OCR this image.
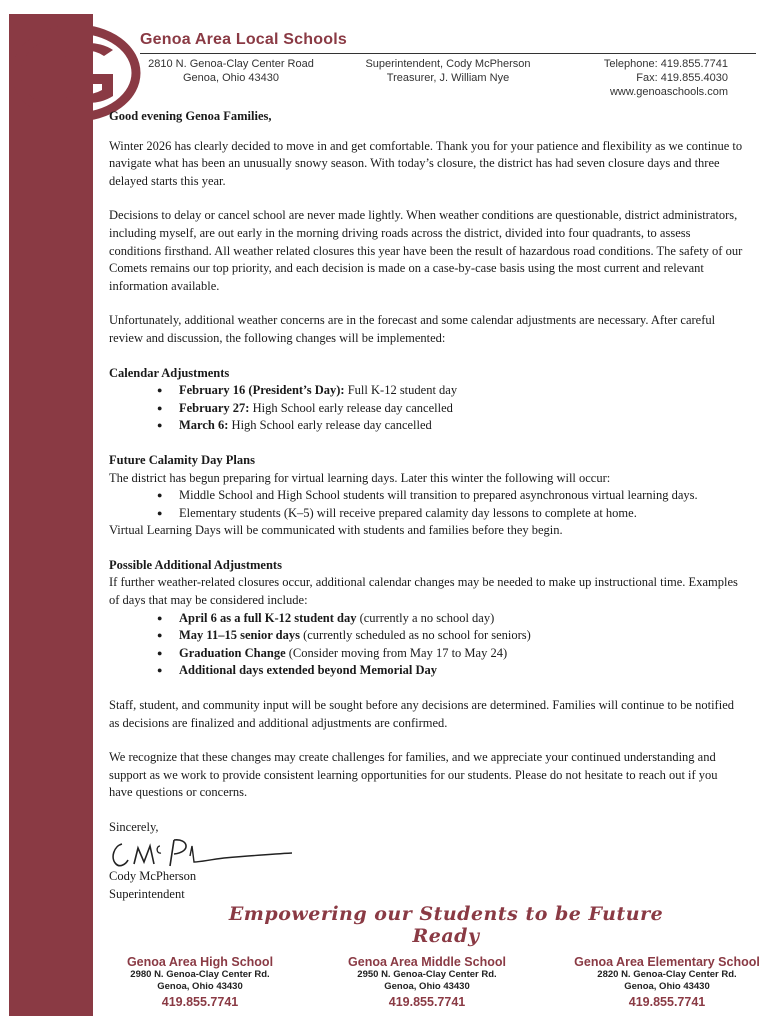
Genoa Area Local Schools
2810 N. Genoa-Clay Center Road
Genoa, Ohio 43430
Superintendent, Cody McPherson
Treasurer, J. William Nye
Telephone: 419.855.7741
Fax: 419.855.4030
www.genoaschools.com

Good evening Genoa Families,

Winter 2026 has clearly decided to move in and get comfortable. Thank you for your patience and flexibility as we continue to navigate what has been an unusually snowy season. With today’s closure, the district has had seven closure days and three delayed starts this year.

Decisions to delay or cancel school are never made lightly. When weather conditions are questionable, district administrators, including myself, are out early in the morning driving roads across the district, divided into four quadrants, to assess conditions firsthand. All weather related closures this year have been the result of hazardous road conditions. The safety of our Comets remains our top priority, and each decision is made on a case-by-case basis using the most current and relevant information available.

Unfortunately, additional weather concerns are in the forecast and some calendar adjustments are necessary. After careful review and discussion, the following changes will be implemented:

Calendar Adjustments
● February 16 (President’s Day): Full K-12 student day
● February 27: High School early release day cancelled
● March 6: High School early release day cancelled
Future Calamity Day Plans
The district has begun preparing for virtual learning days. Later this winter the following will occur:
● Middle School and High School students will transition to prepared asynchronous virtual learning days.
● Elementary students (K–5) will receive prepared calamity day lessons to complete at home.
Virtual Learning Days will be communicated with students and families before they begin.
Possible Additional Adjustments
If further weather-related closures occur, additional calendar changes may be needed to make up instructional time. Examples of days that may be considered include:
● April 6 as a full K-12 student day (currently a no school day)
● May 11–15 senior days (currently scheduled as no school for seniors)
● Graduation Change (Consider moving from May 17 to May 24)
● Additional days extended beyond Memorial Day

Staff, student, and community input will be sought before any decisions are determined. Families will continue to be notified as decisions are finalized and additional adjustments are confirmed.

We recognize that these changes may create challenges for families, and we appreciate your continued understanding and support as we work to provide consistent learning opportunities for our students. Please do not hesitate to reach out if you have questions or concerns.

Sincerely,

Cody McPherson
Superintendent
Empowering our Students to be Future Ready
Genoa Area High School
2980 N. Genoa-Clay Center Rd.
Genoa, Ohio 43430
419.855.7741
Genoa Area Middle School
2950 N. Genoa-Clay Center Rd.
Genoa, Ohio 43430
419.855.7741
Genoa Area Elementary School
2820 N. Genoa-Clay Center Rd.
Genoa, Ohio 43430
419.855.7741
